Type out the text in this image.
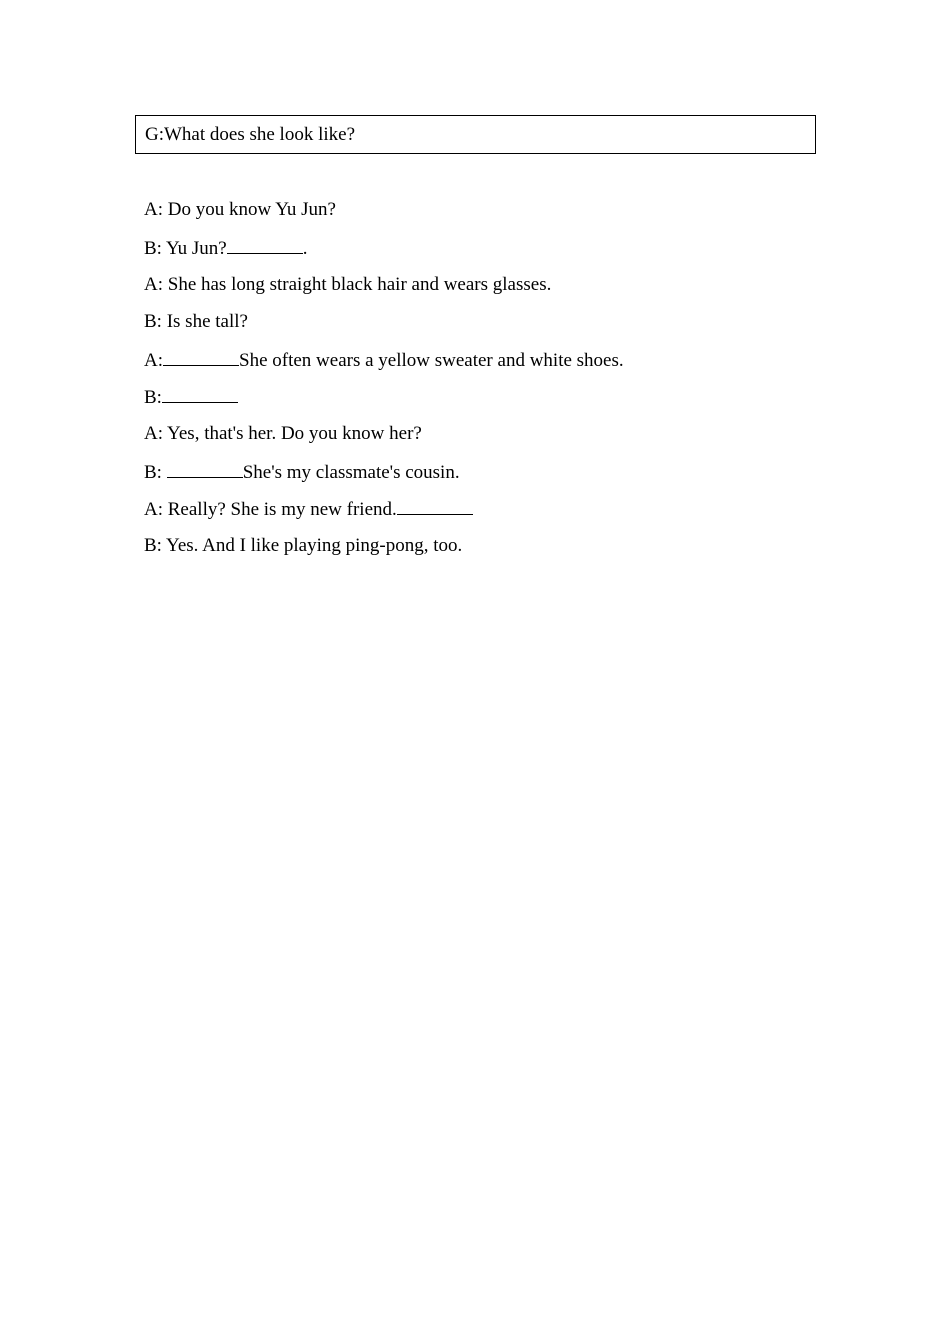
G:What does she look like?
A: Do you know Yu Jun?
B: Yu Jun?	.
A: She has long straight black hair and wears glasses.
B: Is she tall?
A:	She often wears a yellow sweater and white shoes.
B:
A: Yes, that's her. Do you know her?
B:	She's my classmate's cousin.
A: Really? She is my new friend.
B: Yes. And I like playing ping-pong, too.
